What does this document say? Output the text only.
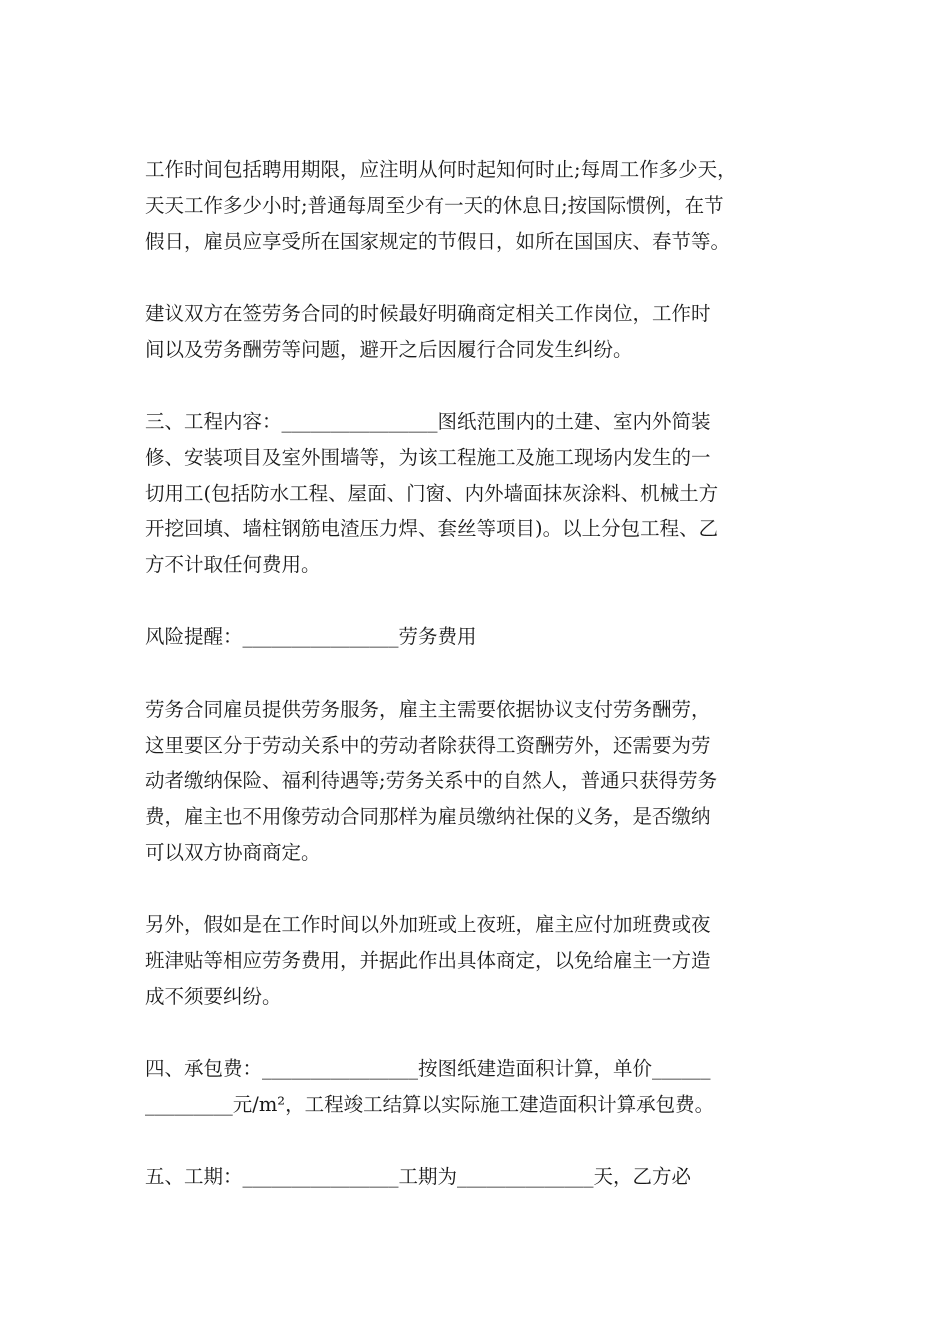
工作时间包括聘用期限，应注明从何时起知何时止;每周工作多少天，
天天工作多少小时;普通每周至少有一天的休息日;按国际惯例，在节
假日，雇员应享受所在国家规定的节假日，如所在国国庆、春节等。
建议双方在签劳务合同的时候最好明确商定相关工作岗位，工作时
间以及劳务酬劳等问题，避开之后因履行合同发生纠纷。
三、工程内容：________________图纸范围内的土建、室内外简装
修、安装项目及室外围墙等，为该工程施工及施工现场内发生的一
切用工(包括防水工程、屋面、门窗、内外墙面抹灰涂料、机械土方
开挖回填、墙柱钢筋电渣压力焊、套丝等项目)。以上分包工程、乙
方不计取任何费用。
风险提醒：________________劳务费用
劳务合同雇员提供劳务服务，雇主主需要依据协议支付劳务酬劳，
这里要区分于劳动关系中的劳动者除获得工资酬劳外，还需要为劳
动者缴纳保险、福利待遇等;劳务关系中的自然人，普通只获得劳务
费，雇主也不用像劳动合同那样为雇员缴纳社保的义务，是否缴纳
可以双方协商商定。
另外，假如是在工作时间以外加班或上夜班，雇主应付加班费或夜
班津贴等相应劳务费用，并据此作出具体商定，以免给雇主一方造
成不须要纠纷。
四、承包费：________________按图纸建造面积计算，单价______
_________元/m²，工程竣工结算以实际施工建造面积计算承包费。
五、工期：________________工期为______________天，乙方必
